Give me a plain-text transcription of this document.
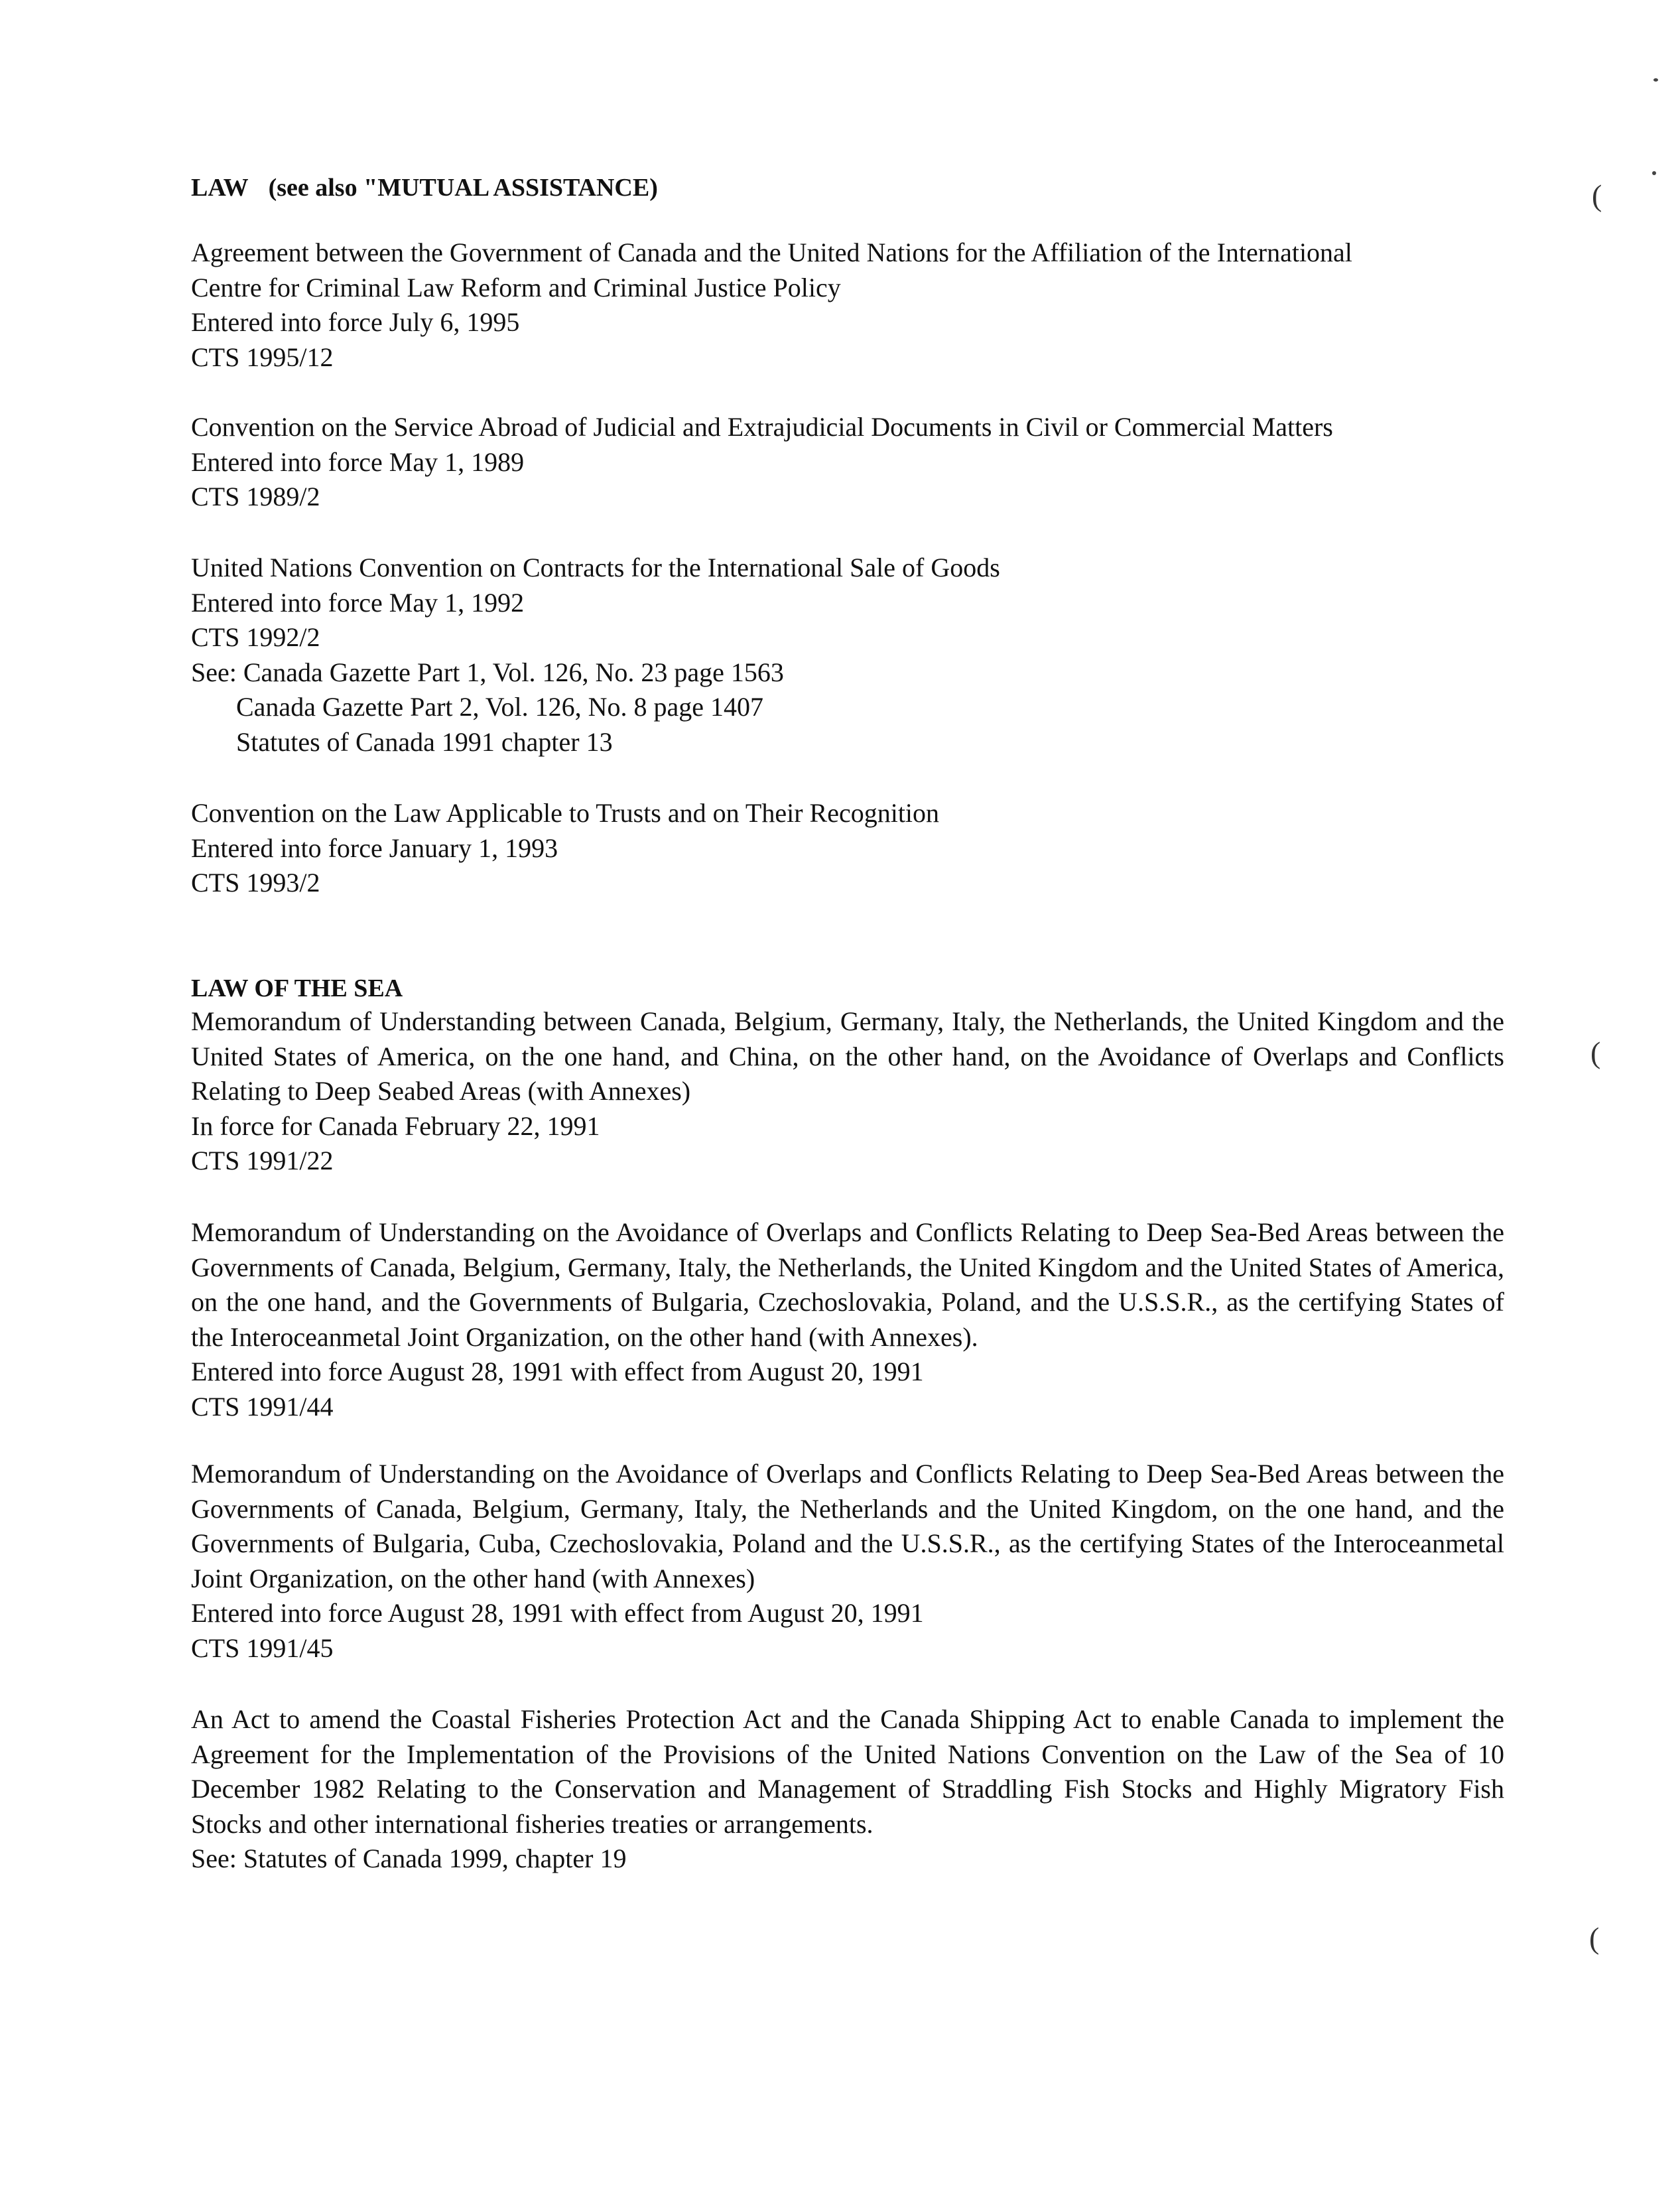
(
(
(
LAW (see also "MUTUAL ASSISTANCE)
Agreement between the Government of Canada and the United Nations for the Affiliation of the International
Centre for Criminal Law Reform and Criminal Justice Policy
Entered into force July 6, 1995
CTS 1995/12
Convention on the Service Abroad of Judicial and Extrajudicial Documents in Civil or Commercial Matters
Entered into force May 1, 1989
CTS 1989/2
United Nations Convention on Contracts for the International Sale of Goods
Entered into force May 1, 1992
CTS 1992/2
See: Canada Gazette Part 1, Vol. 126, No. 23 page 1563
Canada Gazette Part 2, Vol. 126, No. 8 page 1407
Statutes of Canada 1991 chapter 13
Convention on the Law Applicable to Trusts and on Their Recognition
Entered into force January 1, 1993
CTS 1993/2
LAW OF THE SEA
Memorandum of Understanding between Canada, Belgium, Germany, Italy, the Netherlands, the United Kingdom and the United States of America, on the one hand, and China, on the other hand, on the Avoidance of Overlaps and Conflicts Relating to Deep Seabed Areas (with Annexes)
In force for Canada February 22, 1991
CTS 1991/22
Memorandum of Understanding on the Avoidance of Overlaps and Conflicts Relating to Deep Sea-Bed Areas between the Governments of Canada, Belgium, Germany, Italy, the Netherlands, the United Kingdom and the United States of America, on the one hand, and the Governments of Bulgaria, Czechoslovakia, Poland, and the U.S.S.R., as the certifying States of the Interoceanmetal Joint Organization, on the other hand (with Annexes).
Entered into force August 28, 1991 with effect from August 20, 1991
CTS 1991/44
Memorandum of Understanding on the Avoidance of Overlaps and Conflicts Relating to Deep Sea-Bed Areas between the Governments of Canada, Belgium, Germany, Italy, the Netherlands and the United Kingdom, on the one hand, and the Governments of Bulgaria, Cuba, Czechoslovakia, Poland and the U.S.S.R., as the certifying States of the Interoceanmetal Joint Organization, on the other hand (with Annexes)
Entered into force August 28, 1991 with effect from August 20, 1991
CTS 1991/45
An Act to amend the Coastal Fisheries Protection Act and the Canada Shipping Act to enable Canada to implement the Agreement for the Implementation of the Provisions of the United Nations Convention on the Law of the Sea of 10 December 1982 Relating to the Conservation and Management of Straddling Fish Stocks and Highly Migratory Fish Stocks and other international fisheries treaties or arrangements.
See: Statutes of Canada 1999, chapter 19
